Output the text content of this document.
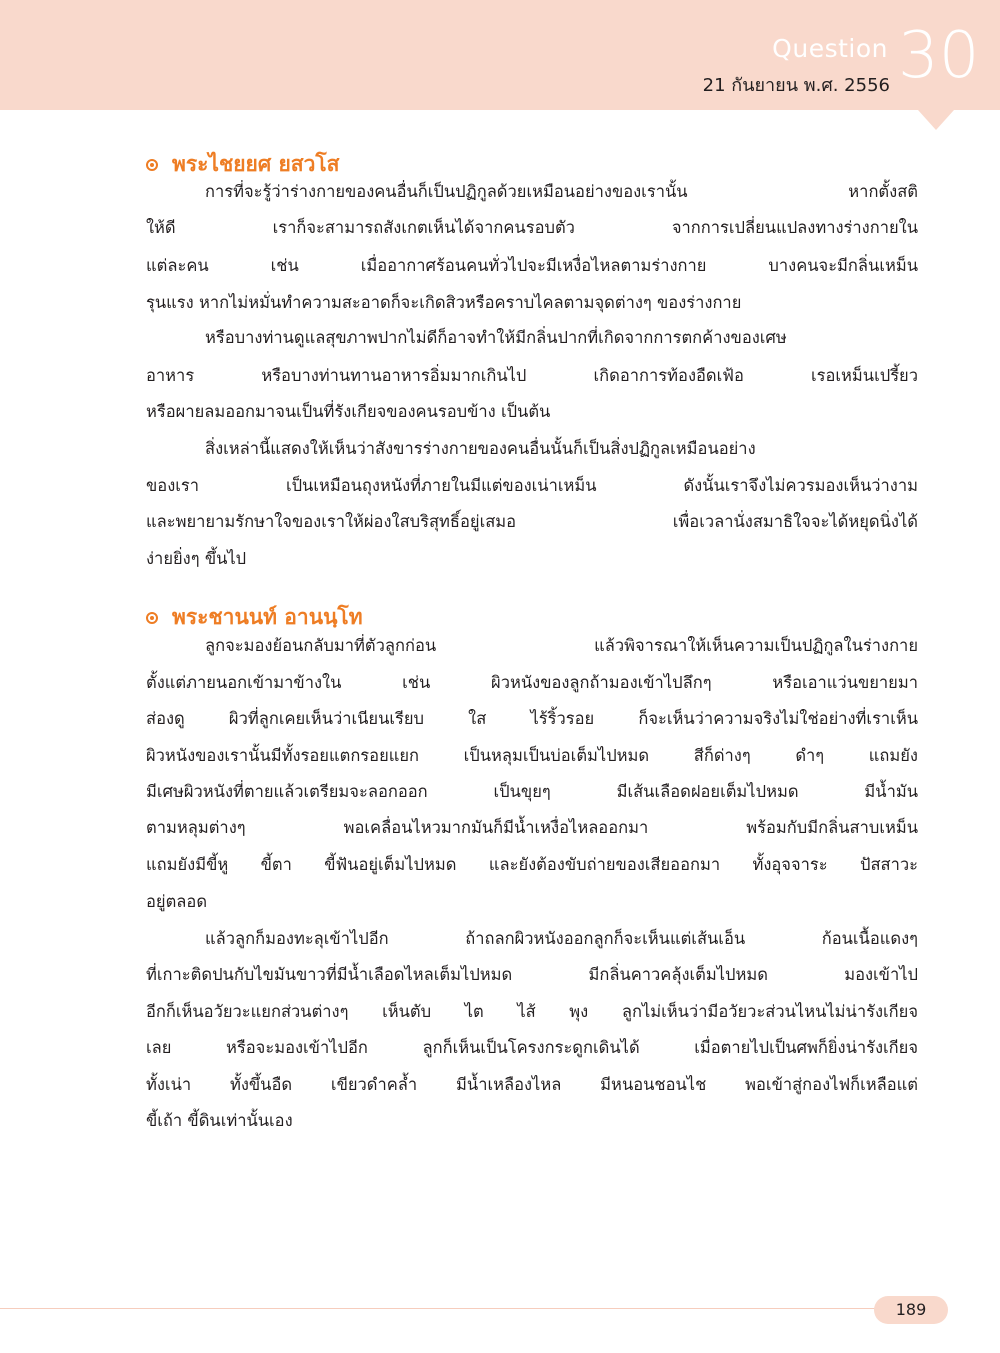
Question
21 กันยายน พ.ศ. 2556 30
พระไชยยศ ยสวโส
การที่จะรู้ว่าร่างกายของคนอื่นก็เป็นปฏิกูลด้วยเหมือนอย่างของเรานั้น หากตั้งสติ
ให้ดี เราก็จะสามารถสังเกตเห็นได้จากคนรอบตัว จากการเปลี่ยนแปลงทางร่างกายใน
แต่ละคน เช่น เมื่ออากาศร้อนคนทั่วไปจะมีเหงื่อไหลตามร่างกาย บางคนจะมีกลิ่นเหม็น
รุนแรง หากไม่หมั่นทำความสะอาดก็จะเกิดสิวหรือคราบไคลตามจุดต่างๆ ของร่างกาย
หรือบางท่านดูแลสุขภาพปากไม่ดีก็อาจทำให้มีกลิ่นปากที่เกิดจากการตกค้างของเศษ
อาหาร หรือบางท่านทานอาหารอิ่มมากเกินไป เกิดอาการท้องอืดเฟ้อ เรอเหม็นเปรี้ยว
หรือผายลมออกมาจนเป็นที่รังเกียจของคนรอบข้าง เป็นต้น
สิ่งเหล่านี้แสดงให้เห็นว่าสังขารร่างกายของคนอื่นนั้นก็เป็นสิ่งปฏิกูลเหมือนอย่าง
ของเรา เป็นเหมือนถุงหนังที่ภายในมีแต่ของเน่าเหม็น ดังนั้นเราจึงไม่ควรมองเห็นว่างาม
และพยายามรักษาใจของเราให้ผ่องใสบริสุทธิ์อยู่เสมอ เพื่อเวลานั่งสมาธิใจจะได้หยุดนิ่งได้
ง่ายยิ่งๆ ขึ้นไป
พระชานนท์ อานนฺโท
ลูกจะมองย้อนกลับมาที่ตัวลูกก่อน แล้วพิจารณาให้เห็นความเป็นปฏิกูลในร่างกาย
ตั้งแต่ภายนอกเข้ามาข้างใน เช่น ผิวหนังของลูกถ้ามองเข้าไปลึกๆ หรือเอาแว่นขยายมา
ส่องดู ผิวที่ลูกเคยเห็นว่าเนียนเรียบ ใส ไร้ริ้วรอย ก็จะเห็นว่าความจริงไม่ใช่อย่างที่เราเห็น
ผิวหนังของเรานั้นมีทั้งรอยแตกรอยแยก เป็นหลุมเป็นบ่อเต็มไปหมด สีก็ด่างๆ ดำๆ แถมยัง
มีเศษผิวหนังที่ตายแล้วเตรียมจะลอกออก เป็นขุยๆ มีเส้นเลือดฝอยเต็มไปหมด มีน้ำมัน
ตามหลุมต่างๆ พอเคลื่อนไหวมากมันก็มีน้ำเหงื่อไหลออกมา พร้อมกับมีกลิ่นสาบเหม็น
แถมยังมีขี้หู ขี้ตา ขี้ฟันอยู่เต็มไปหมด และยังต้องขับถ่ายของเสียออกมา ทั้งอุจจาระ ปัสสาวะ
อยู่ตลอด
แล้วลูกก็มองทะลุเข้าไปอีก ถ้าถลกผิวหนังออกลูกก็จะเห็นแต่เส้นเอ็น ก้อนเนื้อแดงๆ
ที่เกาะติดปนกับไขมันขาวที่มีน้ำเลือดไหลเต็มไปหมด มีกลิ่นคาวคลุ้งเต็มไปหมด มองเข้าไป
อีกก็เห็นอวัยวะแยกส่วนต่างๆ เห็นตับ ไต ไส้ พุง ลูกไม่เห็นว่ามีอวัยวะส่วนไหนไม่น่ารังเกียจ
เลย หรือจะมองเข้าไปอีก ลูกก็เห็นเป็นโครงกระดูกเดินได้ เมื่อตายไปเป็นศพก็ยิ่งน่ารังเกียจ
ทั้งเน่า ทั้งขึ้นอืด เขียวดำคล้ำ มีน้ำเหลืองไหล มีหนอนชอนไช พอเข้าสู่กองไฟก็เหลือแต่
ขี้เถ้า ขี้ดินเท่านั้นเอง
189
